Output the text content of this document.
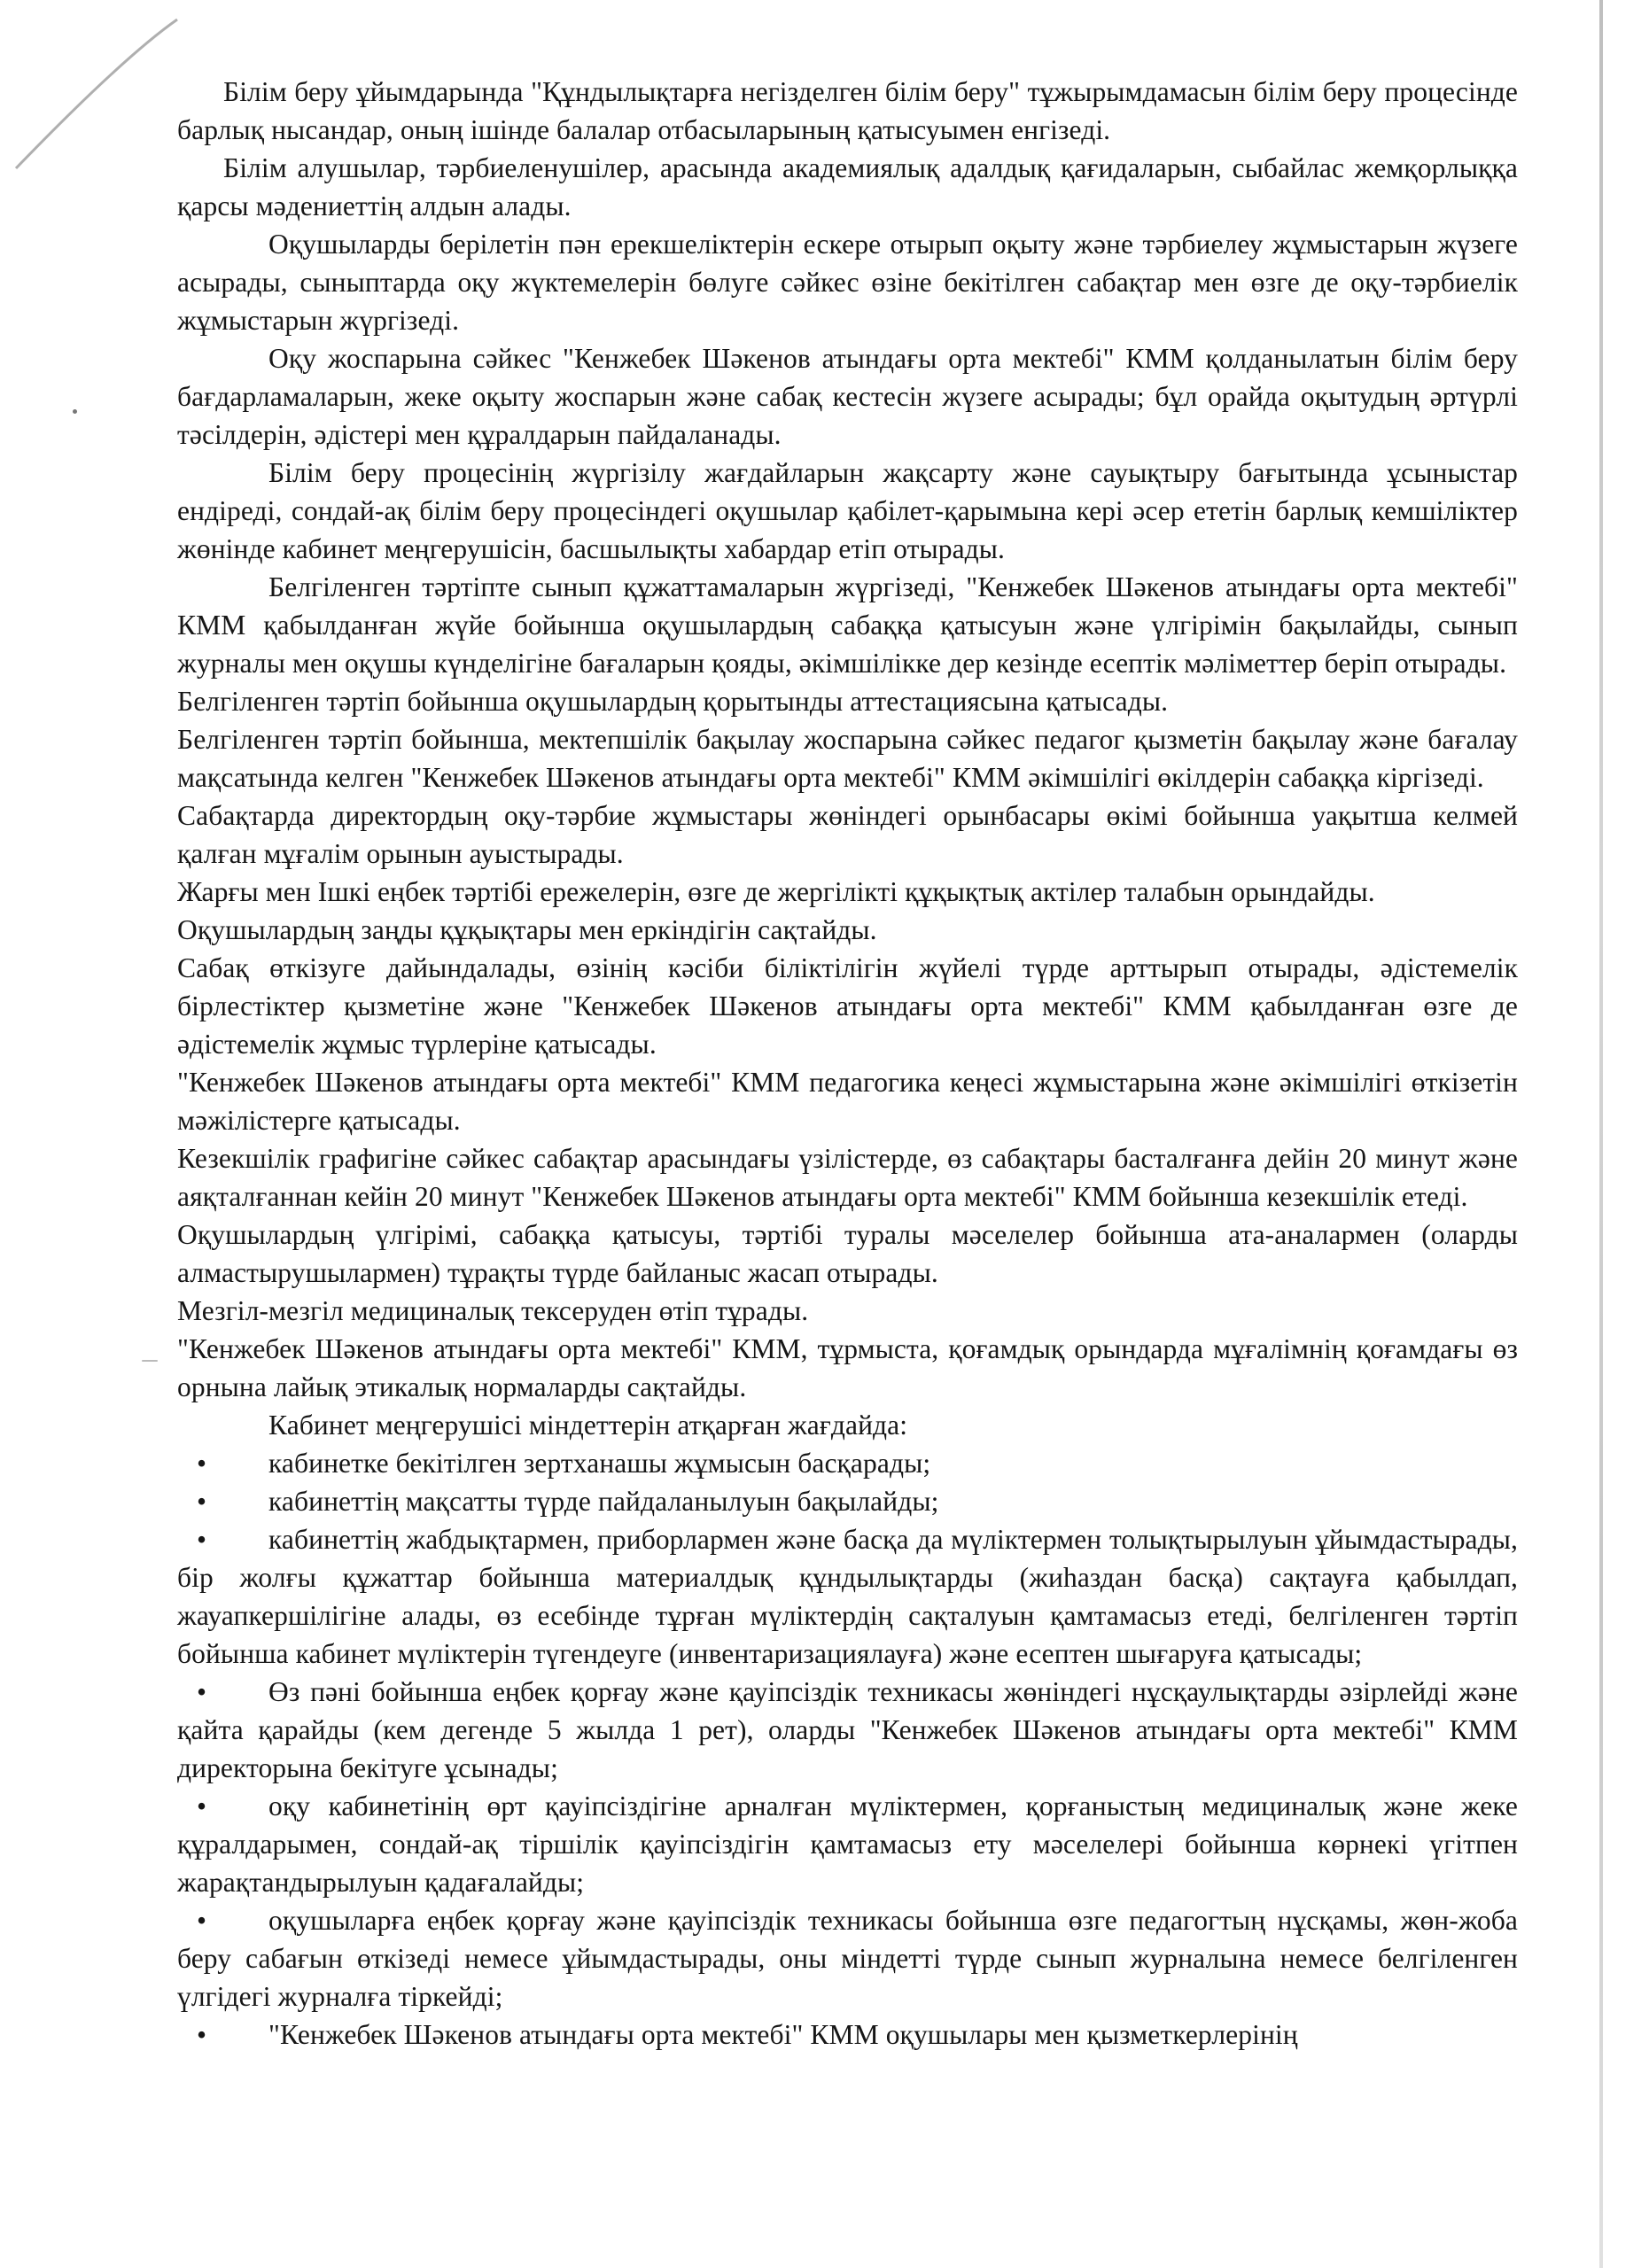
Білім беру ұйымдарында "Құндылықтарға негізделген білім беру" тұжырымдамасын білім беру процесінде барлық нысандар, оның ішінде балалар отбасыларының қатысуымен енгізеді.

Білім алушылар, тәрбиеленушілер, арасында академиялық адалдық қағидаларын, сыбайлас жемқорлыққа қарсы мәдениеттің алдын алады.

Оқушыларды берілетін пән ерекшеліктерін ескере отырып оқыту және тәрбиелеу жұмыстарын жүзеге асырады, сыныптарда оқу жүктемелерін бөлуге сәйкес өзіне бекітілген сабақтар мен өзге де оқу-тәрбиелік жұмыстарын жүргізеді.

Оқу жоспарына сәйкес "Кенжебек Шәкенов атындағы орта мектебі" КММ қолданылатын білім беру бағдарламаларын, жеке оқыту жоспарын және сабақ кестесін жүзеге асырады; бұл орайда оқытудың әртүрлі тәсілдерін, әдістері мен құралдарын пайдаланады.

Білім беру процесінің жүргізілу жағдайларын жақсарту және сауықтыру бағытында ұсыныстар ендіреді, сондай-ақ білім беру процесіндегі оқушылар қабілет-қарымына кері әсер ететін барлық кемшіліктер жөнінде кабинет меңгерушісін, басшылықты хабардар етіп отырады.

Белгіленген тәртіпте сынып құжаттамаларын жүргізеді, "Кенжебек Шәкенов атындағы орта мектебі" КММ қабылданған жүйе бойынша оқушылардың сабаққа қатысуын және үлгірімін бақылайды, сынып журналы мен оқушы күнделігіне бағаларын қояды, әкімшілікке дер кезінде есептік мәліметтер беріп отырады.

Белгіленген тәртіп бойынша оқушылардың қорытынды аттестациясына қатысады.

Белгіленген тәртіп бойынша, мектепшілік бақылау жоспарына сәйкес педагог қызметін бақылау және бағалау мақсатында келген "Кенжебек Шәкенов атындағы орта мектебі" КММ әкімшілігі өкілдерін сабаққа кіргізеді.

Сабақтарда директордың оқу-тәрбие жұмыстары жөніндегі орынбасары өкімі бойынша уақытша келмей қалған мұғалім орынын ауыстырады.

Жарғы мен Ішкі еңбек тәртібі ережелерін, өзге де жергілікті құқықтық актілер талабын орындайды.

Оқушылардың заңды құқықтары мен еркіндігін сақтайды.

Сабақ өткізуге дайындалады, өзінің кәсіби біліктілігін жүйелі түрде арттырып отырады, әдістемелік бірлестіктер қызметіне және "Кенжебек Шәкенов атындағы орта мектебі" КММ қабылданған өзге де әдістемелік жұмыс түрлеріне қатысады.

"Кенжебек Шәкенов атындағы орта мектебі" КММ педагогика кеңесі жұмыстарына және әкімшілігі өткізетін мәжілістерге қатысады.

Кезекшілік графигіне сәйкес сабақтар арасындағы үзілістерде, өз сабақтары басталғанға дейін 20 минут және аяқталғаннан кейін 20 минут "Кенжебек Шәкенов атындағы орта мектебі" КММ бойынша кезекшілік етеді.

Оқушылардың үлгірімі, сабаққа қатысуы, тәртібі туралы мәселелер бойынша ата-аналармен (оларды алмастырушылармен) тұрақты түрде байланыс жасап отырады.

Мезгіл-мезгіл медициналық тексеруден өтіп тұрады.

"Кенжебек Шәкенов атындағы орта мектебі" КММ, тұрмыста, қоғамдық орындарда мұғалімнің қоғамдағы өз орнына лайық этикалық нормаларды сақтайды.

Кабинет меңгерушісі міндеттерін атқарған жағдайда:

• кабинетке бекітілген зертханашы жұмысын басқарады;

• кабинеттің мақсатты түрде пайдаланылуын бақылайды;

• кабинеттің жабдықтармен, приборлармен және басқа да мүліктермен толықтырылуын ұйымдастырады, бір жолғы құжаттар бойынша материалдық құндылықтарды (жиһаздан басқа) сақтауға қабылдап, жауапкершілігіне алады, өз есебінде тұрған мүліктердің сақталуын қамтамасыз етеді, белгіленген тәртіп бойынша кабинет мүліктерін түгендеуге (инвентаризациялауға) және есептен шығаруға қатысады;

• Өз пәні бойынша еңбек қорғау және қауіпсіздік техникасы жөніндегі нұсқаулықтарды әзірлейді және қайта қарайды (кем дегенде 5 жылда 1 рет), оларды "Кенжебек Шәкенов атындағы орта мектебі" КММ директорына бекітуге ұсынады;

• оқу кабинетінің өрт қауіпсіздігіне арналған мүліктермен, қорғаныстың медициналық және жеке құралдарымен, сондай-ақ тіршілік қауіпсіздігін қамтамасыз ету мәселелері бойынша көрнекі үгітпен жарақтандырылуын қадағалайды;

• оқушыларға еңбек қорғау және қауіпсіздік техникасы бойынша өзге педагогтың нұсқамы, жөн-жоба беру сабағын өткізеді немесе ұйымдастырады, оны міндетті түрде сынып журналына немесе белгіленген үлгідегі журналға тіркейді;

• "Кенжебек Шәкенов атындағы орта мектебі" КММ оқушылары мен қызметкерлерінің
